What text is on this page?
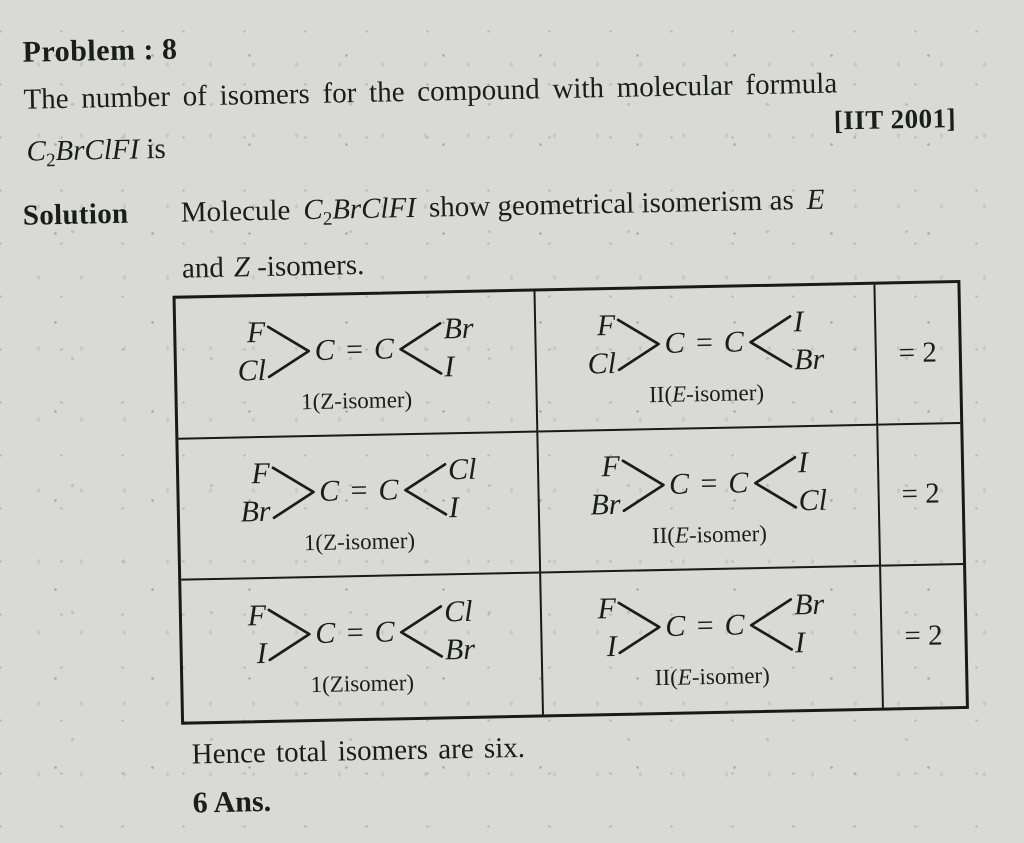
Problem : 8
The number of isomers for the compound with molecular formula
$C_2BrClFI$ is
[IIT 2001]
Solution Molecule $C_2BrClFI$ show geometrical isomerism as E
and Z -isomers.
F
Cl
C = C
Br
I
1(Z-isomer)
F
Cl
C = C
I
Br
II(E-isomer)
= 2
F
Br
C = C
Cl
I
1(Z-isomer)
F
Br
C = C
I
Cl
II(E-isomer)
= 2
F
I
C = C
Cl
Br
1(Zisomer)
F
I
C = C
Br
I
II(E-isomer)
= 2
Hence total isomers are six.
6 Ans.
